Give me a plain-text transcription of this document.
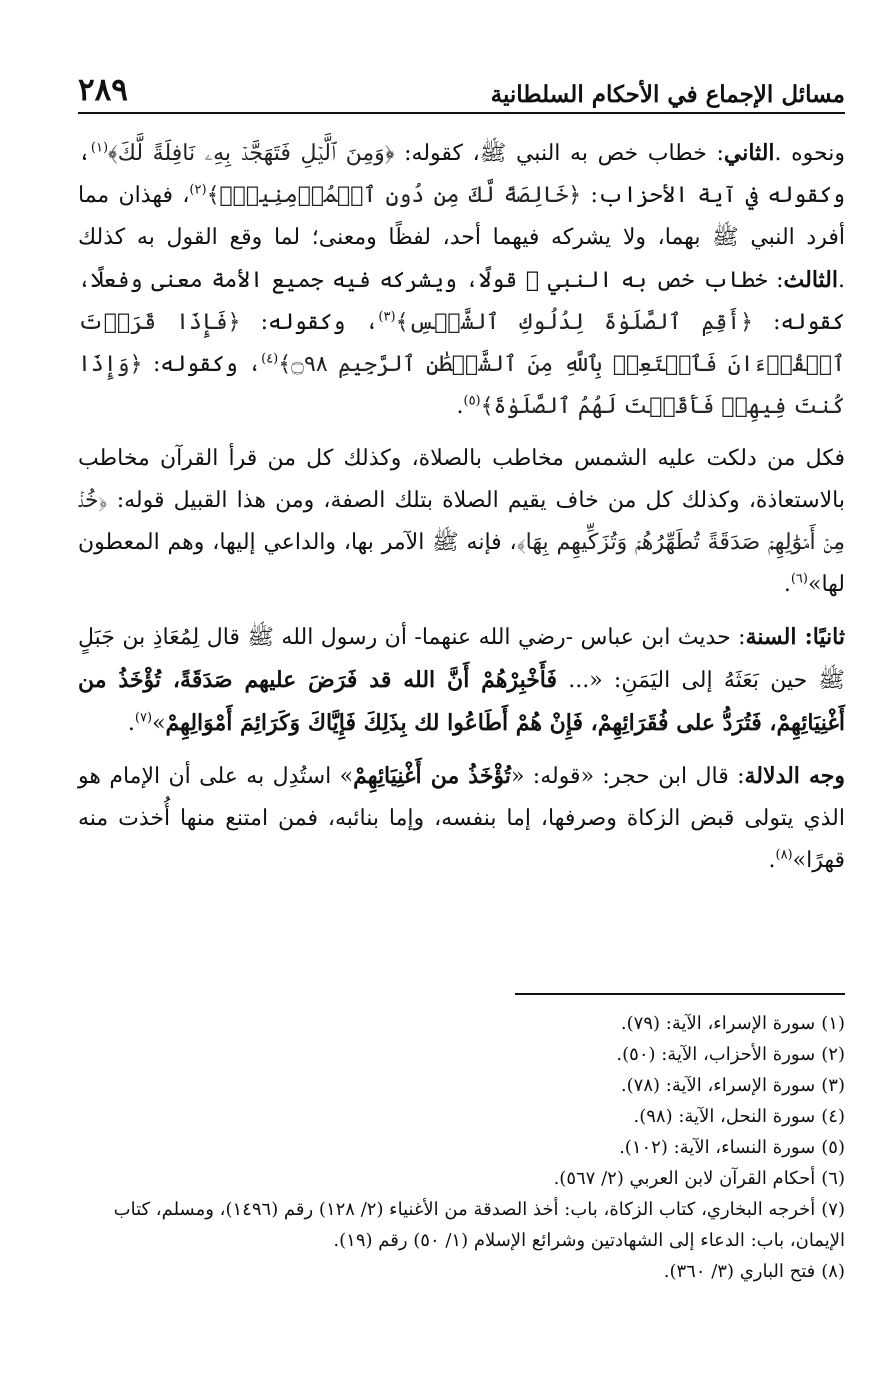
٢٨٩	مسائل الإجماع في الأحكام السلطانية

ونحوه .الثاني: خطاب خص به النبي ﷺ، كقوله: ﴿وَمِنَ ٱلَّيۡلِ فَتَهَجَّدۡ بِهِۦ نَافِلَةً لَّكَ﴾$^{(١)}$، وكقوله في آية الأحزاب: ﴿خَالِصَةً لَّكَ مِن دُونِ ٱلۡمُؤۡمِنِينَۗ﴾$^{(٢)}$، فهذان مما أفرد النبي ﷺ بهما، ولا يشركه فيهما أحد، لفظًا ومعنى؛ لما وقع القول به كذلك .الثالث: خطاب خص به النبي ﷺ قولًا، ويشركه فيه جميع الأمة معنى وفعلًا، كقوله: ﴿أَقِمِ ٱلصَّلَوٰةَ لِدُلُوكِ ٱلشَّمۡسِ﴾$^{(٣)}$، وكقوله: ﴿فَإِذَا قَرَأۡتَ ٱلۡقُرۡءَانَ فَٱسۡتَعِذۡ بِٱللَّهِ مِنَ ٱلشَّيۡطَٰنِ ٱلرَّجِيمِ ۝٩٨﴾$^{(٤)}$، وكقوله: ﴿وَإِذَا كُنتَ فِيهِمۡ فَأَقَمۡتَ لَهُمُ ٱلصَّلَوٰةَ﴾$^{(٥)}$.

فكل من دلكت عليه الشمس مخاطب بالصلاة، وكذلك كل من قرأ القرآن مخاطب بالاستعاذة، وكذلك كل من خاف يقيم الصلاة بتلك الصفة، ومن هذا القبيل قوله: ﴿خُذۡ مِنۡ أَمۡوَٰلِهِمۡ صَدَقَةً تُطَهِّرُهُمۡ وَتُزَكِّيهِم بِهَا﴾، فإنه ﷺ الآمر بها، والداعي إليها، وهم المعطون لها»$^{(٦)}$.

ثانيًا: السنة: حديث ابن عباس -رضي الله عنهما- أن رسول الله ﷺ قال لِمُعَاذِ بن جَبَلٍ ﷺ حين بَعَثَهُ إلى اليَمَنِ: «... فَأَخْبِرْهُمْ أَنَّ الله قد فَرَضَ عليهم صَدَقَةً، تُؤْخَذُ من أَغْنِيَائِهِمْ، فَتُرَدُّ على فُقَرَائِهِمْ، فَإِنْ هُمْ أَطَاعُوا لك بِذَلِكَ فَإِيَّاكَ وَكَرَائِمَ أَمْوَالِهِمْ»$^{(٧)}$.

وجه الدلالة: قال ابن حجر: «قوله: «تُؤْخَذُ من أَغْنِيَائِهِمْ» استُدِل به على أن الإمام هو الذي يتولى قبض الزكاة وصرفها، إما بنفسه، وإما بنائبه، فمن امتنع منها أُخذت منه قهرًا»$^{(٨)}$.

(١)سورة الإسراء، الآية: (٧٩).

(٢)سورة الأحزاب، الآية: (٥٠).

(٣)سورة الإسراء، الآية: (٧٨).

(٤)سورة النحل، الآية: (٩٨).

(٥)سورة النساء، الآية: (١٠٢).

(٦)أحكام القرآن لابن العربي (٢/ ٥٦٧).

(٧)أخرجه البخاري، كتاب الزكاة، باب: أخذ الصدقة من الأغنياء (٢/ ١٢٨) رقم (١٤٩٦)، ومسلم، كتاب الإيمان، باب: الدعاء إلى الشهادتين وشرائع الإسلام (١/ ٥٠) رقم (١٩).

(٨)فتح الباري (٣/ ٣٦٠).
